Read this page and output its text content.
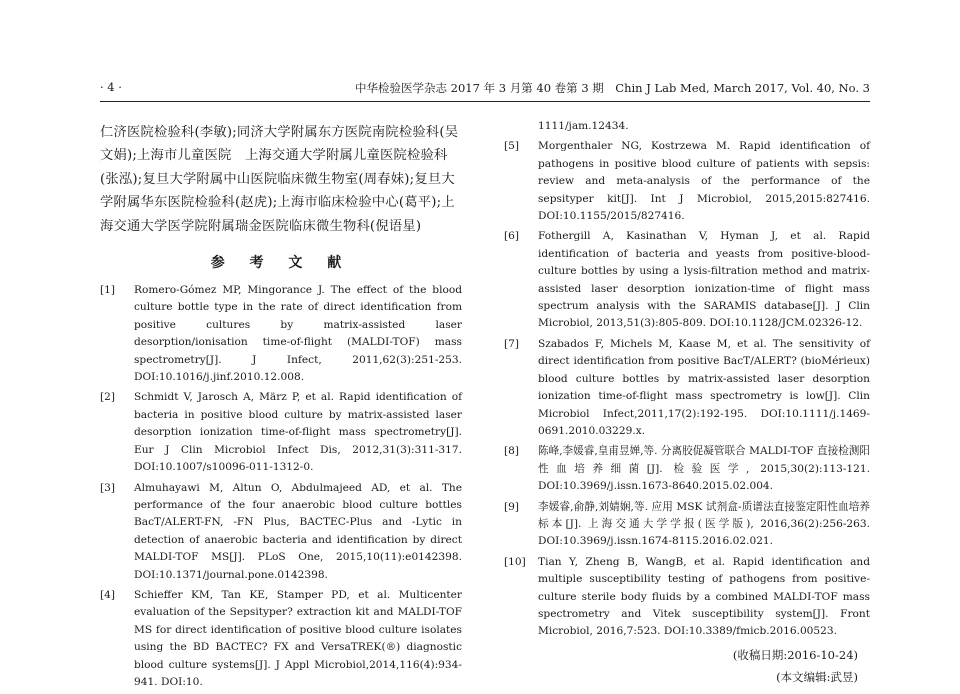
· 4 ·	中华检验医学杂志 2017 年 3 月第 40 卷第 3 期　Chin J Lab Med, March 2017, Vol. 40, No. 3

仁济医院检验科(李敏);同济大学附属东方医院南院检验科(吴文娟);上海市儿童医院　上海交通大学附属儿童医院检验科(张泓);复旦大学附属中山医院临床微生物室(周春妹);复旦大学附属华东医院检验科(赵虎);上海市临床检验中心(葛平);上海交通大学医学院附属瑞金医院临床微生物科(倪语星)

参 考 文 献
[1] Romero-Gómez MP, Mingorance J. The effect of the blood culture bottle type in the rate of direct identification from positive cultures by matrix-assisted laser desorption/ionisation time-of-flight (MALDI-TOF) mass spectrometry[J]. J Infect, 2011,62(3):251-253. DOI:10.1016/j.jinf.2010.12.008.
[2] Schmidt V, Jarosch A, März P, et al. Rapid identification of bacteria in positive blood culture by matrix-assisted laser desorption ionization time-of-flight mass spectrometry[J]. Eur J Clin Microbiol Infect Dis, 2012,31(3):311-317. DOI:10.1007/s10096-011-1312-0.
[3] Almuhayawi M, Altun O, Abdulmajeed AD, et al. The performance of the four anaerobic blood culture bottles BacT/ALERT-FN, -FN Plus, BACTEC-Plus and -Lytic in detection of anaerobic bacteria and identification by direct MALDI-TOF MS[J]. PLoS One, 2015,10(11):e0142398. DOI:10.1371/journal.pone.0142398.
[4] Schieffer KM, Tan KE, Stamper PD, et al. Multicenter evaluation of the Sepsityper? extraction kit and MALDI-TOF MS for direct identification of positive blood culture isolates using the BD BACTEC? FX and VersaTREK(®) diagnostic blood culture systems[J]. J Appl Microbiol,2014,116(4):934-941. DOI:10.
1111/jam.12434.
[5] Morgenthaler NG, Kostrzewa M. Rapid identification of pathogens in positive blood culture of patients with sepsis: review and meta-analysis of the performance of the sepsityper kit[J]. Int J Microbiol, 2015,2015:827416. DOI:10.1155/2015/827416.
[6] Fothergill A, Kasinathan V, Hyman J, et al. Rapid identification of bacteria and yeasts from positive-blood-culture bottles by using a lysis-filtration method and matrix-assisted laser desorption ionization-time of flight mass spectrum analysis with the SARAMIS database[J]. J Clin Microbiol, 2013,51(3):805-809. DOI:10.1128/JCM.02326-12.
[7] Szabados F, Michels M, Kaase M, et al. The sensitivity of direct identification from positive BacT/ALERT? (bioMérieux) blood culture bottles by matrix-assisted laser desorption ionization time-of-flight mass spectrometry is low[J]. Clin Microbiol Infect,2011,17(2):192-195. DOI:10.1111/j.1469-0691.2010.03229.x.
[8] 陈峰,李媛睿,皇甫昱婵,等. 分离胶促凝管联合 MALDI-TOF 直接检测阳性血培养细菌[J]. 检验医学, 2015,30(2):113-121. DOI:10.3969/j.issn.1673-8640.2015.02.004.
[9] 李媛睿,俞静,刘婧娴,等. 应用 MSK 试剂盒-质谱法直接鉴定阳性血培养标本[J]. 上海交通大学学报(医学版), 2016,36(2):256-263. DOI:10.3969/j.issn.1674-8115.2016.02.021.
[10] Tian Y, Zheng B, WangB, et al. Rapid identification and multiple susceptibility testing of pathogens from positive-culture sterile body fluids by a combined MALDI-TOF mass spectrometry and Vitek susceptibility system[J]. Front Microbiol, 2016,7:523. DOI:10.3389/fmicb.2016.00523.
(收稿日期:2016-10-24)
(本文编辑:武昱)
